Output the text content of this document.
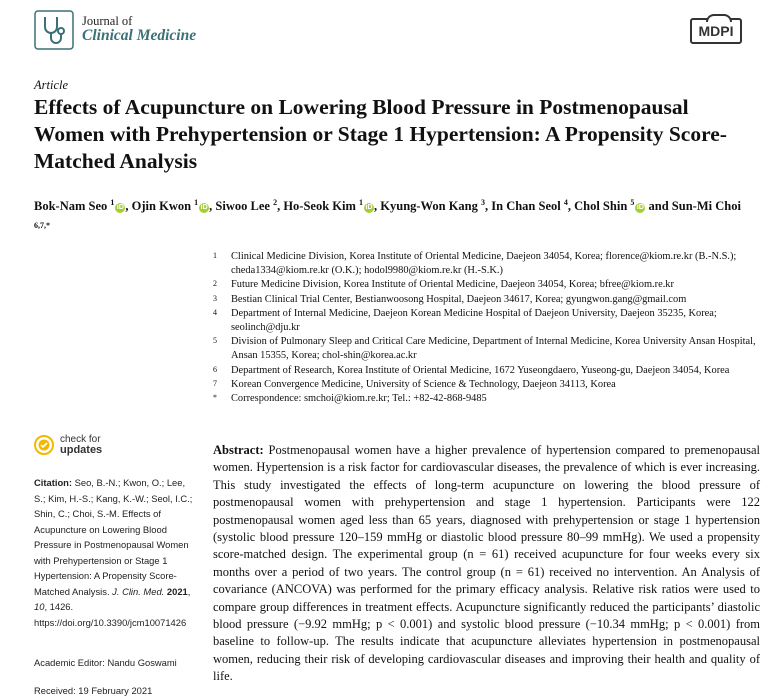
Journal of
Clinical Medicine	MDPI
Article
Effects of Acupuncture on Lowering Blood Pressure in Postmenopausal Women with Prehypertension or Stage 1 Hypertension: A Propensity Score-Matched Analysis
Bok-Nam Seo $^1$iD , Ojin Kwon $^1$iD , Siwoo Lee $^2$, Ho-Seok Kim $^1$iD , Kyung-Won Kang $^3$, In Chan Seol $^4$, Chol Shin $^5$iD and Sun-Mi Choi $^{6,7,*}$
1	Clinical Medicine Division, Korea Institute of Oriental Medicine, Daejeon 34054, Korea; florence@kiom.re.kr (B.-N.S.); cheda1334@kiom.re.kr (O.K.); hodol9980@kiom.re.kr (H.-S.K.)
2	Future Medicine Division, Korea Institute of Oriental Medicine, Daejeon 34054, Korea; bfree@kiom.re.kr
3	Bestian Clinical Trial Center, Bestianwoosong Hospital, Daejeon 34617, Korea; gyungwon.gang@gmail.com
4	Department of Internal Medicine, Daejeon Korean Medicine Hospital of Daejeon University, Daejeon 35235, Korea; seolinch@dju.kr
5	Division of Pulmonary Sleep and Critical Care Medicine, Department of Internal Medicine, Korea University Ansan Hospital, Ansan 15355, Korea; chol-shin@korea.ac.kr
6	Department of Research, Korea Institute of Oriental Medicine, 1672 Yuseongdaero, Yuseong-gu, Daejeon 34054, Korea
7	Korean Convergence Medicine, University of Science & Technology, Daejeon 34113, Korea
*	Correspondence: smchoi@kiom.re.kr; Tel.: +82-42-868-9485
check for
updates
Citation: Seo, B.-N.; Kwon, O.; Lee, S.; Kim, H.-S.; Kang, K.-W.; Seol, I.C.; Shin, C.; Choi, S.-M. Effects of Acupuncture on Lowering Blood Pressure in Postmenopausal Women with Prehypertension or Stage 1 Hypertension: A Propensity Score-Matched Analysis. J. Clin. Med. 2021, 10, 1426. https://doi.org/10.3390/jcm10071426
Academic Editor: Nandu Goswami
Received: 19 February 2021
Abstract: Postmenopausal women have a higher prevalence of hypertension compared to premenopausal women. Hypertension is a risk factor for cardiovascular diseases, the prevalence of which is ever increasing. This study investigated the effects of long-term acupuncture on lowering the blood pressure of postmenopausal women with prehypertension and stage 1 hypertension. Participants were 122 postmenopausal women aged less than 65 years, diagnosed with prehypertension or stage 1 hypertension (systolic blood pressure 120–159 mmHg or diastolic blood pressure 80–99 mmHg). We used a propensity score-matched design. The experimental group (n = 61) received acupuncture for four weeks every six months over a period of two years. The control group (n = 61) received no intervention. An Analysis of covariance (ANCOVA) was performed for the primary efficacy analysis. Relative risk ratios were used to compare group differences in treatment effects. Acupuncture significantly reduced the participants’ diastolic blood pressure (−9.92 mmHg; p < 0.001) and systolic blood pressure (−10.34 mmHg; p < 0.001) from baseline to follow-up. The results indicate that acupuncture alleviates hypertension in postmenopausal women, reducing their risk of developing cardiovascular diseases and improving their health and quality of life.
